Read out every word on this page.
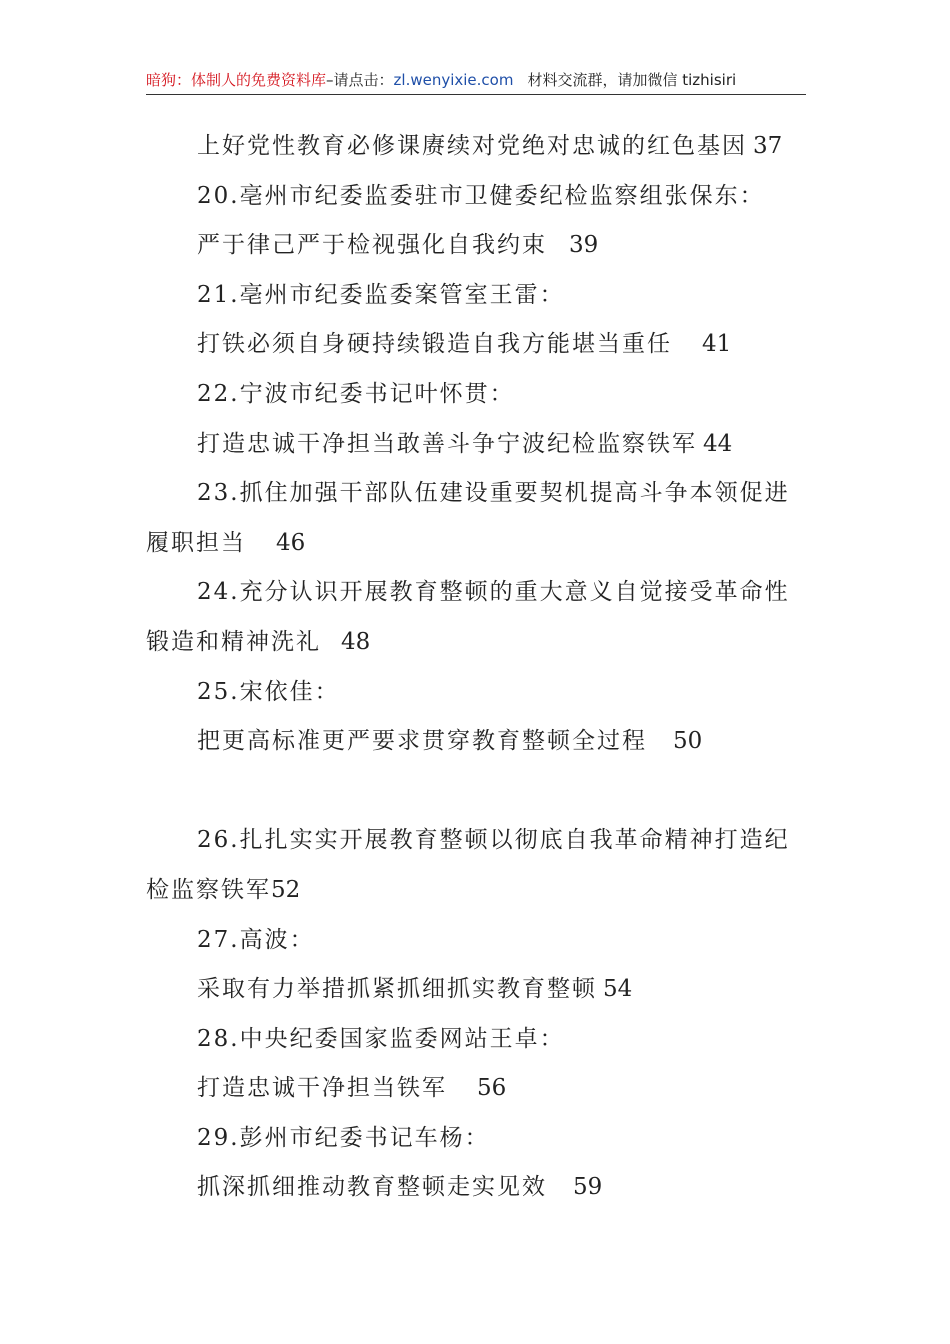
暗狗：体制人的免费资料库–请点击：zl.wenyixie.com 材料交流群，请加微信 tizhisiri
上好党性教育必修课赓续对党绝对忠诚的红色基因 37
20.亳州市纪委监委驻市卫健委纪检监察组张保东：
严于律己严于检视强化自我约束 39
21.亳州市纪委监委案管室王雷：
打铁必须自身硬持续锻造自我方能堪当重任 41
22.宁波市纪委书记叶怀贯：
打造忠诚干净担当敢善斗争宁波纪检监察铁军 44
23.抓住加强干部队伍建设重要契机提高斗争本领促进
履职担当 46
24.充分认识开展教育整顿的重大意义自觉接受革命性
锻造和精神洗礼 48
25.宋依佳：
把更高标准更严要求贯穿教育整顿全过程 50
26.扎扎实实开展教育整顿以彻底自我革命精神打造纪
检监察铁军52
27.高波：
采取有力举措抓紧抓细抓实教育整顿 54
28.中央纪委国家监委网站王卓：
打造忠诚干净担当铁军 56
29.彭州市纪委书记车杨：
抓深抓细推动教育整顿走实见效 59
